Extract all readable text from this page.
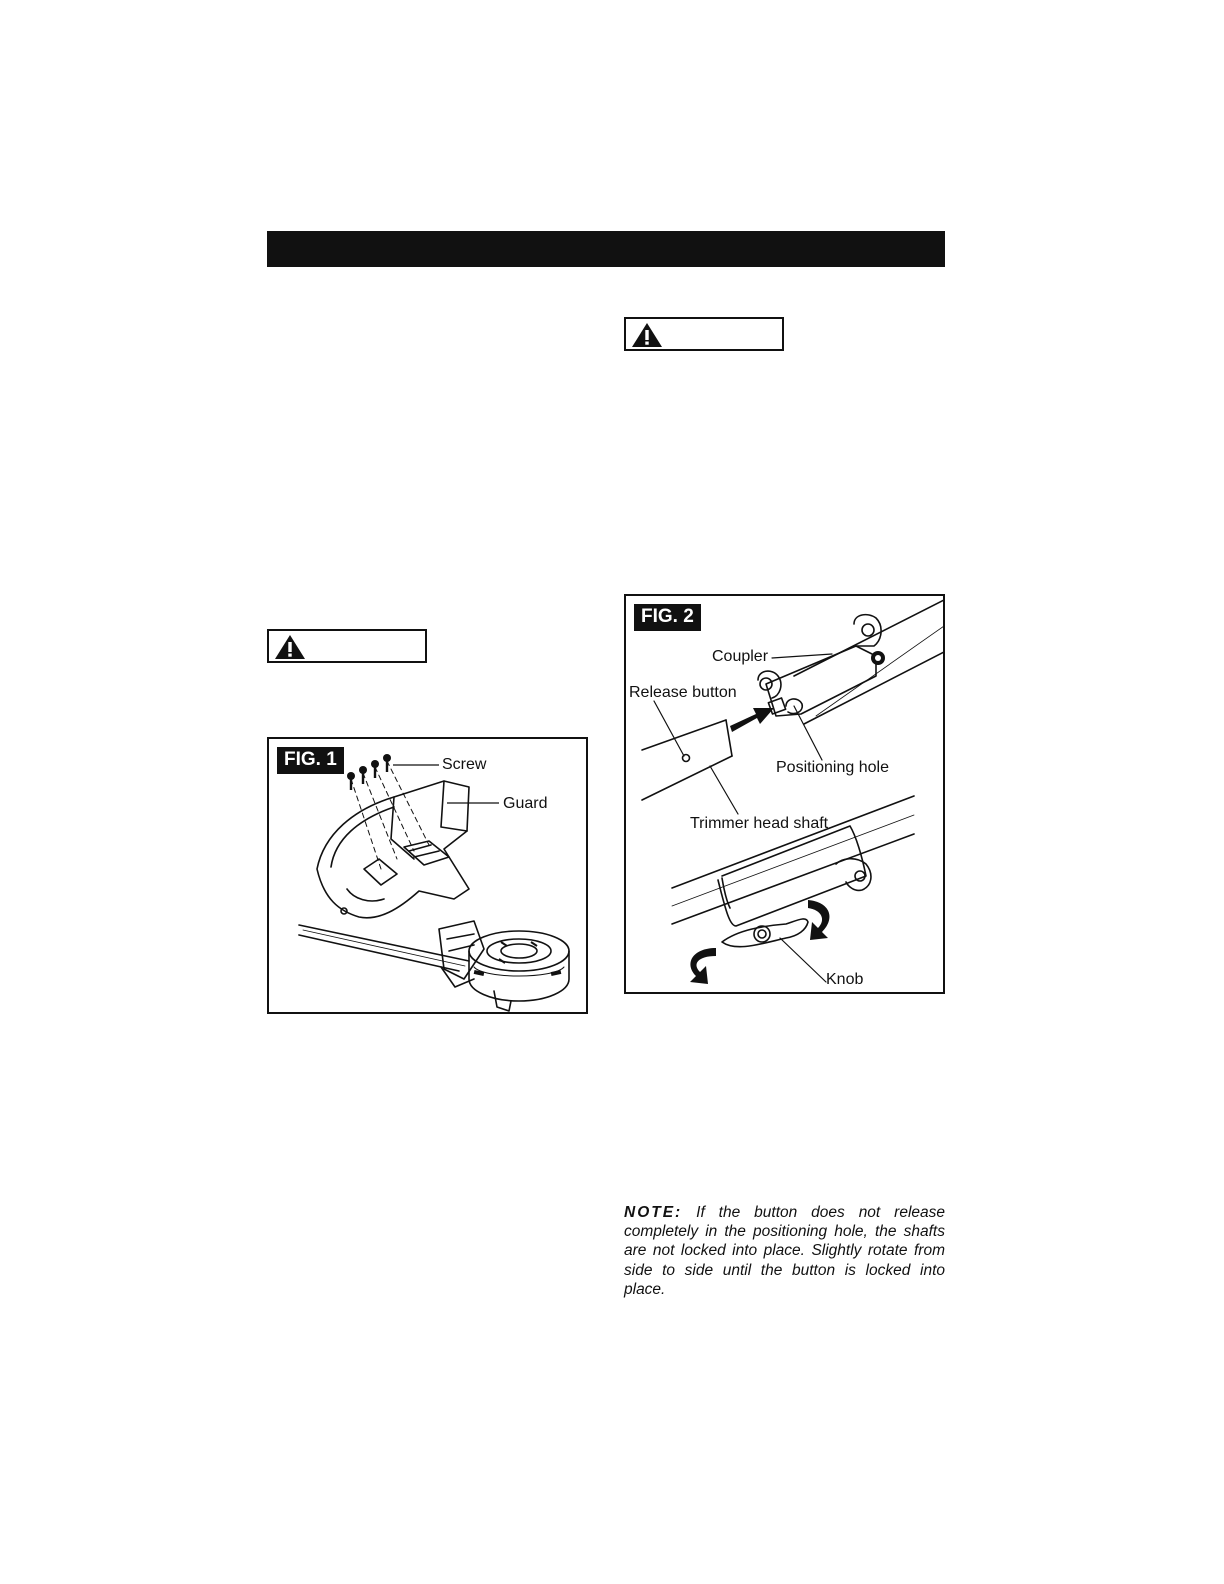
FIG. 1	Screw
Guard
FIG. 2
Coupler
Release button
Positioning hole
Trimmer head shaft
Knob
NOTE: If the button does not release completely in the positioning hole, the shafts are not locked into place. Slightly rotate from side to side until the button is locked into place.
